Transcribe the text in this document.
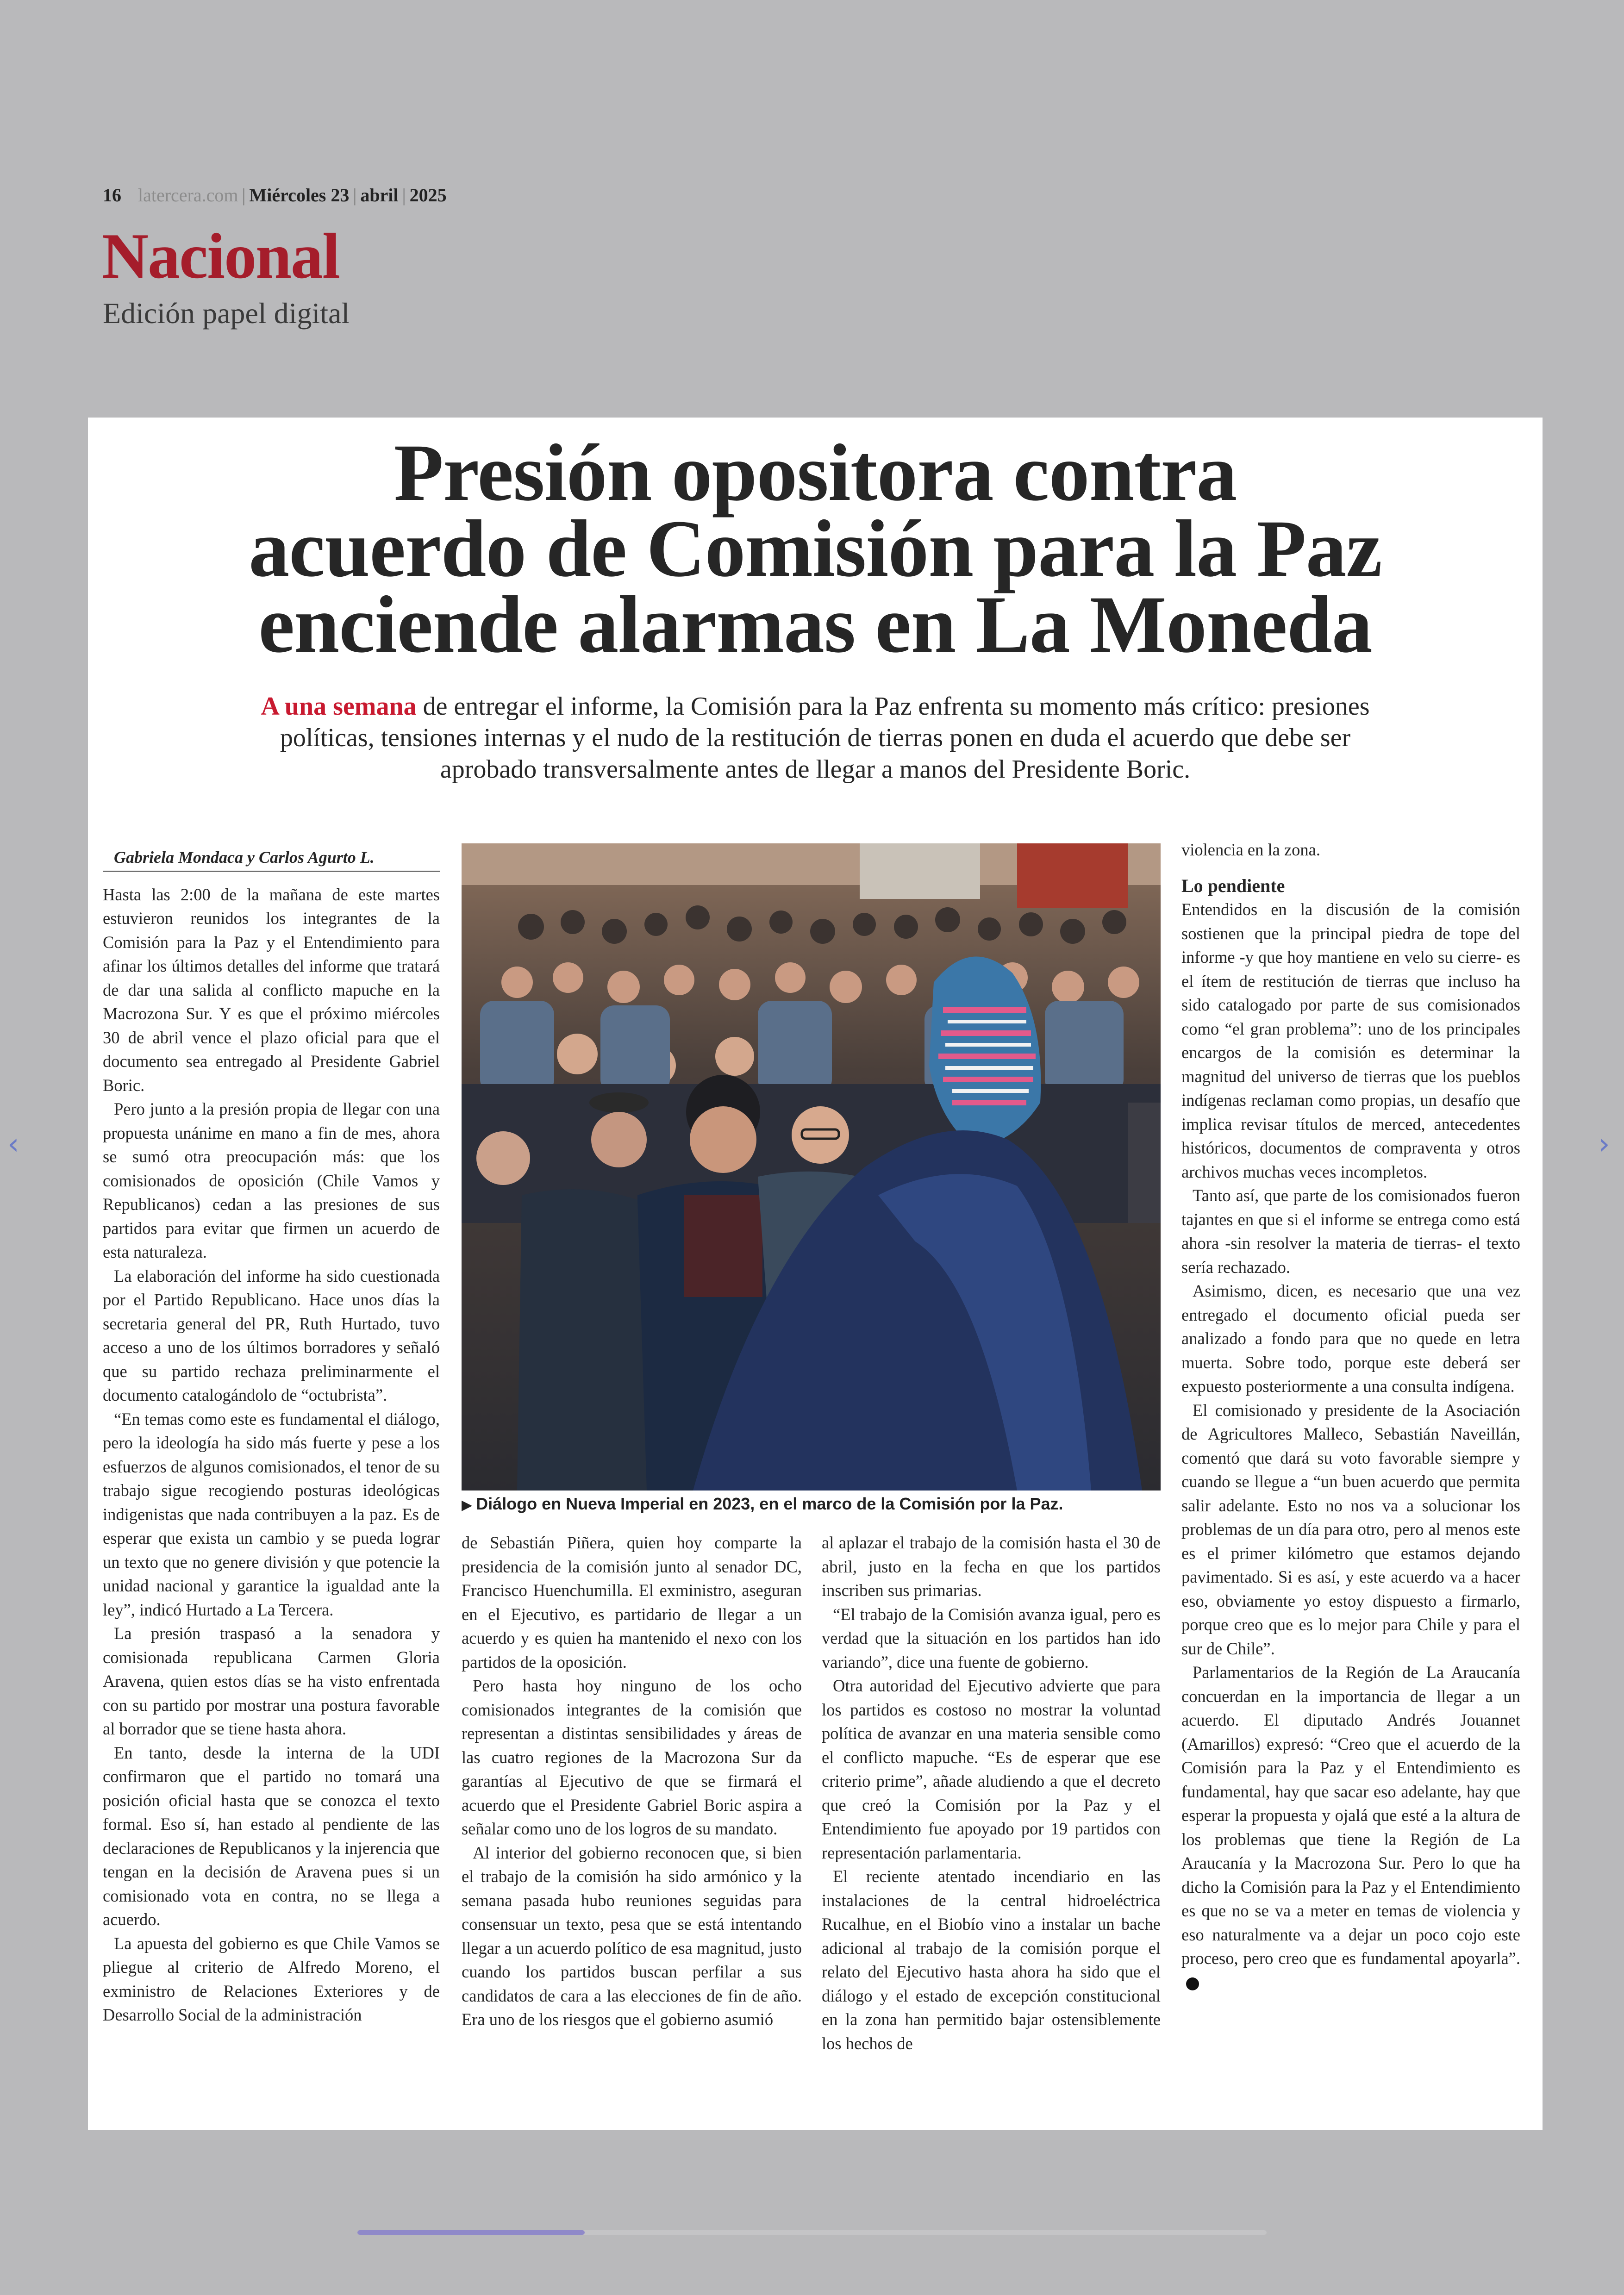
16 latercera.com | Miércoles 23 | abril | 2025
Nacional
Edición papel digital
‹	›
Presión opositora contra
acuerdo de Comisión para la Paz
enciende alarmas en La Moneda
A una semana de entregar el informe, la Comisión para la Paz enfrenta su momento más crítico: presiones políticas, tensiones internas y el nudo de la restitución de tierras ponen en duda el acuerdo que debe ser aprobado transversalmente antes de llegar a manos del Presidente Boric.

Gabriela Mondaca y Carlos Agurto L.

Hasta las 2:00 de la mañana de este martes estuvieron reunidos los integrantes de la Comisión para la Paz y el Entendimiento para afinar los últimos detalles del informe que tratará de dar una salida al conflicto mapuche en la Macrozona Sur. Y es que el próximo miércoles 30 de abril vence el plazo oficial para que el documento sea entregado al Presidente Gabriel Boric.

Pero junto a la presión propia de llegar con una propuesta unánime en mano a fin de mes, ahora se sumó otra preocupación más: que los comisionados de oposición (Chile Vamos y Republicanos) cedan a las presiones de sus partidos para evitar que firmen un acuerdo de esta naturaleza.

La elaboración del informe ha sido cuestionada por el Partido Republicano. Hace unos días la secretaria general del PR, Ruth Hurtado, tuvo acceso a uno de los últimos borradores y señaló que su partido rechaza preliminarmente el documento catalogándolo de “octubrista”.

“En temas como este es fundamental el diálogo, pero la ideología ha sido más fuerte y pese a los esfuerzos de algunos comisionados, el tenor de su trabajo sigue recogiendo posturas ideológicas indigenistas que nada contribuyen a la paz. Es de esperar que exista un cambio y se pueda lograr un texto que no genere división y que potencie la unidad nacional y garantice la igualdad ante la ley”, indicó Hurtado a La Tercera.

La presión traspasó a la senadora y comisionada republicana Carmen Gloria Aravena, quien estos días se ha visto enfrentada con su partido por mostrar una postura favorable al borrador que se tiene hasta ahora.

En tanto, desde la interna de la UDI confirmaron que el partido no tomará una posición oficial hasta que se conozca el texto formal. Eso sí, han estado al pendiente de las declaraciones de Republicanos y la injerencia que tengan en la decisión de Aravena pues si un comisionado vota en contra, no se llega a acuerdo.

La apuesta del gobierno es que Chile Vamos se pliegue al criterio de Alfredo Moreno, el exministro de Relaciones Exteriores y de Desarrollo Social de la administración

▶ Diálogo en Nueva Imperial en 2023, en el marco de la Comisión por la Paz.

de Sebastián Piñera, quien hoy comparte la presidencia de la comisión junto al senador DC, Francisco Huenchumilla. El exministro, aseguran en el Ejecutivo, es partidario de llegar a un acuerdo y es quien ha mantenido el nexo con los partidos de la oposición.

Pero hasta hoy ninguno de los ocho comisionados integrantes de la comisión que representan a distintas sensibilidades y áreas de las cuatro regiones de la Macrozona Sur da garantías al Ejecutivo de que se firmará el acuerdo que el Presidente Gabriel Boric aspira a señalar como uno de los logros de su mandato.

Al interior del gobierno reconocen que, si bien el trabajo de la comisión ha sido armónico y la semana pasada hubo reuniones seguidas para consensuar un texto, pesa que se está intentando llegar a un acuerdo político de esa magnitud, justo cuando los partidos buscan perfilar a sus candidatos de cara a las elecciones de fin de año. Era uno de los riesgos que el gobierno asumió

al aplazar el trabajo de la comisión hasta el 30 de abril, justo en la fecha en que los partidos inscriben sus primarias.

“El trabajo de la Comisión avanza igual, pero es verdad que la situación en los partidos han ido variando”, dice una fuente de gobierno.

Otra autoridad del Ejecutivo advierte que para los partidos es costoso no mostrar la voluntad política de avanzar en una materia sensible como el conflicto mapuche. “Es de esperar que ese criterio prime”, añade aludiendo a que el decreto que creó la Comisión por la Paz y el Entendimiento fue apoyado por 19 partidos con representación parlamentaria.

El reciente atentado incendiario en las instalaciones de la central hidroeléctrica Rucalhue, en el Biobío vino a instalar un bache adicional al trabajo de la comisión porque el relato del Ejecutivo hasta ahora ha sido que el diálogo y el estado de excepción constitucional en la zona han permitido bajar ostensiblemente los hechos de

violencia en la zona.

Lo pendiente

Entendidos en la discusión de la comisión sostienen que la principal piedra de tope del informe -y que hoy mantiene en velo su cierre- es el ítem de restitución de tierras que incluso ha sido catalogado por parte de sus comisionados como “el gran problema”: uno de los principales encargos de la comisión es determinar la magnitud del universo de tierras que los pueblos indígenas reclaman como propias, un desafío que implica revisar títulos de merced, antecedentes históricos, documentos de compraventa y otros archivos muchas veces incompletos.

Tanto así, que parte de los comisionados fueron tajantes en que si el informe se entrega como está ahora -sin resolver la materia de tierras- el texto sería rechazado.

Asimismo, dicen, es necesario que una vez entregado el documento oficial pueda ser analizado a fondo para que no quede en letra muerta. Sobre todo, porque este deberá ser expuesto posteriormente a una consulta indígena.

El comisionado y presidente de la Asociación de Agricultores Malleco, Sebastián Naveillán, comentó que dará su voto favorable siempre y cuando se llegue a “un buen acuerdo que permita salir adelante. Esto no nos va a solucionar los problemas de un día para otro, pero al menos este es el primer kilómetro que estamos dejando pavimentado. Si es así, y este acuerdo va a hacer eso, obviamente yo estoy dispuesto a firmarlo, porque creo que es lo mejor para Chile y para el sur de Chile”.

Parlamentarios de la Región de La Araucanía concuerdan en la importancia de llegar a un acuerdo. El diputado Andrés Jouannet (Amarillos) expresó: “Creo que el acuerdo de la Comisión para la Paz y el Entendimiento es fundamental, hay que sacar eso adelante, hay que esperar la propuesta y ojalá que esté a la altura de los problemas que tiene la Región de La Araucanía y la Macrozona Sur. Pero lo que ha dicho la Comisión para la Paz y el Entendimiento es que no se va a meter en temas de violencia y eso naturalmente va a dejar un poco cojo este proceso, pero creo que es fundamental apoyarla”.
